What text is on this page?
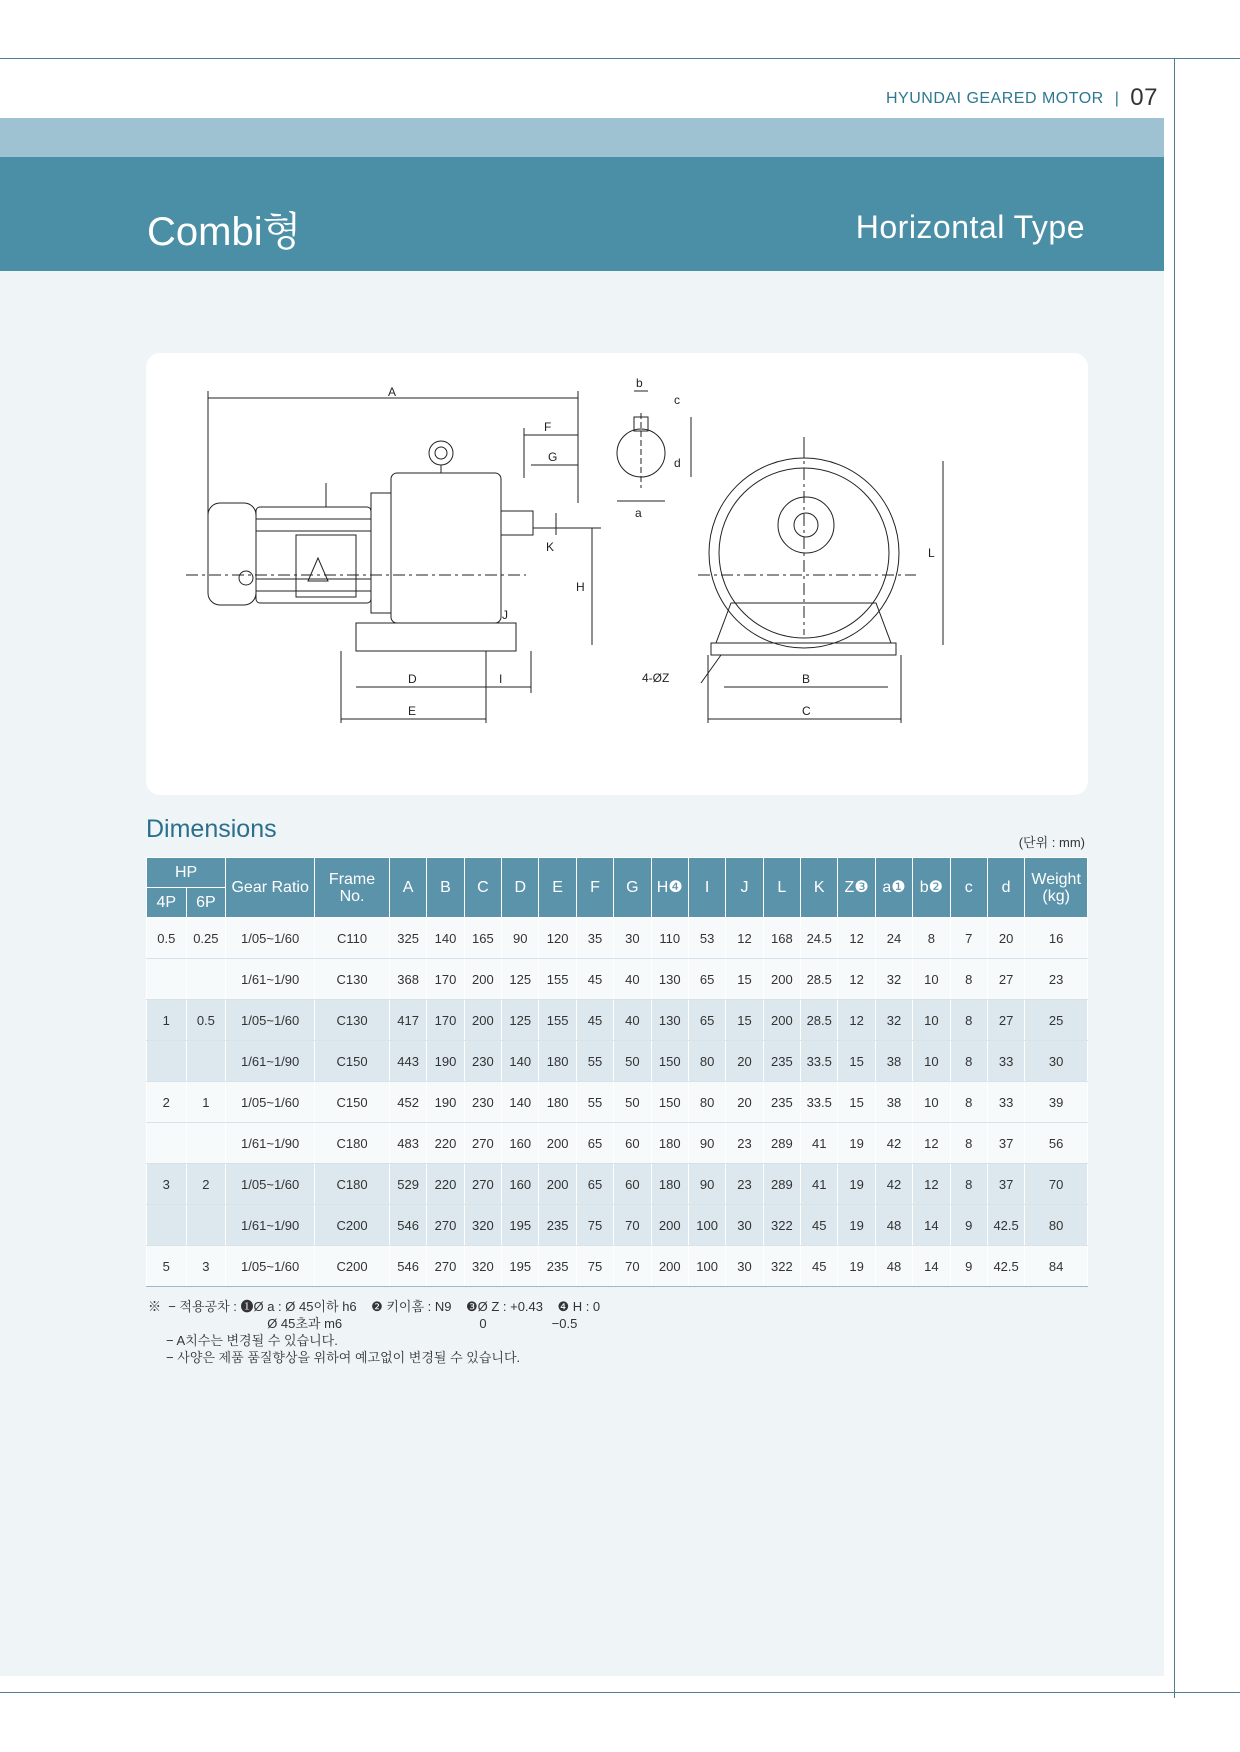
HYUNDAI GEARED MOTOR | 07
Combi형	Horizontal Type
A
F
G
K
H
J
D	I
E
b
c
d
a
L
4-ØZ	B
C
Dimensions	(단위 : mm)
HP		Gear Ratio	Frame No.	A	B	C	D	E	F	G	H❹	I	J	L	K	Z❸	a❶	b❷	c	d	Weight (kg)
4P	6P																				
0.5	0.25	1/05~1/60	C110	325	140	165	90	120	35	30	110	53	12	168	24.5	12	24	8	7	20	16
		1/61~1/90	C130	368	170	200	125	155	45	40	130	65	15	200	28.5	12	32	10	8	27	23
1	0.5	1/05~1/60	C130	417	170	200	125	155	45	40	130	65	15	200	28.5	12	32	10	8	27	25
		1/61~1/90	C150	443	190	230	140	180	55	50	150	80	20	235	33.5	15	38	10	8	33	30
2	1	1/05~1/60	C150	452	190	230	140	180	55	50	150	80	20	235	33.5	15	38	10	8	33	39
		1/61~1/90	C180	483	220	270	160	200	65	60	180	90	23	289	41	19	42	12	8	37	56
3	2	1/05~1/60	C180	529	220	270	160	200	65	60	180	90	23	289	41	19	42	12	8	37	70
		1/61~1/90	C200	546	270	320	195	235	75	70	200	100	30	322	45	19	48	14	9	42.5	80
5	3	1/05~1/60	C200	546	270	320	195	235	75	70	200	100	30	322	45	19	48	14	9	42.5	84
※  − 적용공차 : ❶Ø a : Ø 45이하 h6    ❷ 키이홈 : N9    ❸Ø Z : +0.43    ❹ H : 0
Ø 45초과 m6                                      0                  −0.5
− A치수는 변경될 수 있습니다.
− 사양은 제품 품질향상을 위하여 예고없이 변경될 수 있습니다.
